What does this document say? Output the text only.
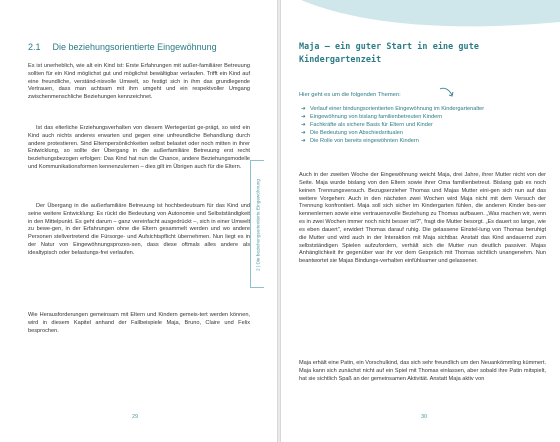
2.1 Die beziehungsorientierte Eingewöhnung

Es ist unerheblich, wie alt ein Kind ist: Erste Erfahrungen mit außer-familiärer Betreuung sollten für ein Kind möglichst gut und möglichst bewältigbar verlaufen. Trifft ein Kind auf eine freundliche, verständ-nisvolle Umwelt, so festigt sich in ihm das grundlegende Vertrauen, dass man achtsam mit ihm umgeht und ein respektvoller Umgang zwischenmenschliche Beziehungen kennzeichnet.

Ist das elterliche Erziehungsverhalten von diesem Wertegerüst ge-prägt, so wird ein Kind auch nichts anderes erwarten und gegen eine unfreundliche Behandlung durch andere protestieren. Sind Eltempersönlichkeiten selbst belastet oder noch mitten in ihrer Entwicklung, so sollte der Übergang in die außerfamiliäre Betreuung erst recht beziehungsbezogen erfolgen: Das Kind hat nun die Chance, andere Beziehungsmodelle und Kommunikationsformen kennenzulernen – dies gilt im Übrigen auch für die Eltern.

Der Übergang in die außerfamiliäre Betreuung ist hochbedeutsam für das Kind und seine weitere Entwicklung: Es rückt die Bedeutung von Autonomie und Selbstständigkeit in den Mittelpunkt. Es geht darum – ganz vereinfacht ausgedrückt –, sich in einer Umwelt zu bewe-gen, in der Erfahrungen ohne die Eltern gesammelt werden und wo andere Personen stellvertretend die Fürsorge- und Aufsichtspflicht übernehmen. Nun liegt es in der Natur von Eingewöhnungsprozes-sen, dass diese oftmals alles andere als idealtypisch oder belastungs-frei verlaufen.

Wie Herausforderungen gemeinsam mit Eltern und Kindern gemeis-tert werden können, wird in diesem Kapitel anhand der Fallbeispiele Maja, Bruno, Claire und Felix besprochen.

2 | Die beziehungsorientierte Eingewöhnung
29
Maja – ein guter Start in eine gute Kindergartenzeit
Hier geht es um die folgenden Themen:
➔ Verlauf einer bindungsorientierten Eingewöhnung im Kindergartenalter
➔ Eingewöhnung von bislang familienbetreuten Kindern
➔ Fachkräfte als sichere Basis für Eltern und Kinder
➔ Die Bedeutung von Abschiedsritualen
➔ Die Rolle von bereits eingewöhnten Kindern

Auch in der zweiten Woche der Eingewöhnung weicht Maja, drei Jahre, ihrer Mutter nicht von der Seite. Maja wurde bislang von den Eltern sowie ihrer Oma familienbetreut. Bislang gab es noch keinen Trennungsversuch. Bezugserzieher Thomas und Majas Mutter eini-gen sich nun auf das weitere Vorgehen: Auch in den nächsten zwei Wochen wird Maja nicht mit dem Versuch der Trennung konfrontiert. Maja soll sich sicher im Kindergarten fühlen, die anderen Kinder bes-ser kennenlernen sowie eine vertrauensvolle Beziehung zu Thomas aufbauen. „Was machen wir, wenn es in zwei Wochen immer noch nicht besser ist?", fragt die Mutter besorgt. „Es dauert so lange, wie es eben dauert", erwidert Thomas darauf ruhig. Die gelassene Einstel-lung von Thomas beruhigt die Mutter und wird auch in der Interaktion mit Maja sichtbar. Anstatt das Kind andauernd zum selbstständigen Spielen aufzufordern, verhält sich die Mutter nun deutlich passiver. Majas Anhänglichkeit ihr gegenüber war ihr vor dem Gespräch mit Thomas sichtlich unangenehm. Nun beantwortet sie Majas Bindungs-verhalten einfühlsamer und gelassener.

Maja erhält eine Patin, ein Vorschulkind, das sich sehr freundlich um den Neuankömmling kümmert. Maja kann sich zunächst nicht auf ein Spiel mit Thomas einlassen, aber sobald ihre Patin mitspielt, hat sie sichtlich Spaß an der gemeinsamen Aktivität. Anstatt Maja aktiv von

30
